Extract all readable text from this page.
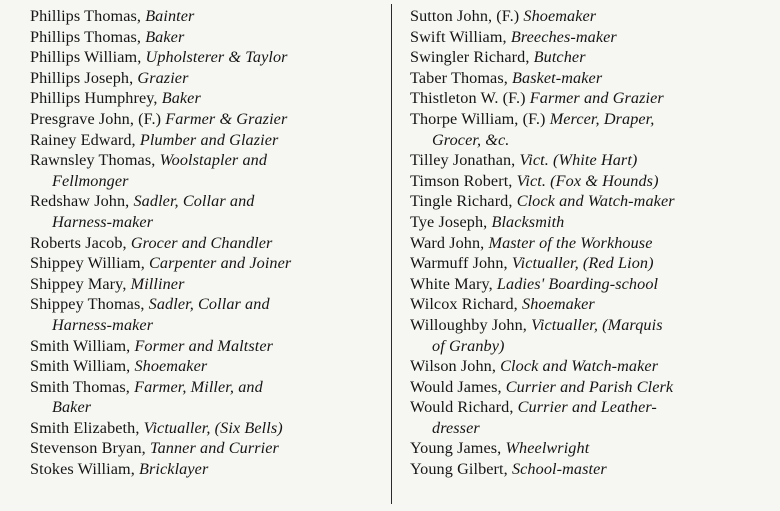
Phillips Thomas, Bainter
Phillips Thomas, Baker
Phillips William, Upholsterer & Taylor
Phillips Joseph, Grazier
Phillips Humphrey, Baker
Presgrave John, (F.) Farmer & Grazier
Rainey Edward, Plumber and Glazier
Rawnsley Thomas, Woolstapler and
Fellmonger
Redshaw John, Sadler, Collar and
Harness-maker
Roberts Jacob, Grocer and Chandler
Shippey William, Carpenter and Joiner
Shippey Mary, Milliner
Shippey Thomas, Sadler, Collar and
Harness-maker
Smith William, Former and Maltster
Smith William, Shoemaker
Smith Thomas, Farmer, Miller, and
Baker
Smith Elizabeth, Victualler, (Six Bells)
Stevenson Bryan, Tanner and Currier
Stokes William, Bricklayer
Sutton John, (F.) Shoemaker
Swift William, Breeches-maker
Swingler Richard, Butcher
Taber Thomas, Basket-maker
Thistleton W. (F.) Farmer and Grazier
Thorpe William, (F.) Mercer, Draper,
Grocer, &c.
Tilley Jonathan, Vict. (White Hart)
Timson Robert, Vict. (Fox & Hounds)
Tingle Richard, Clock and Watch-maker
Tye Joseph, Blacksmith
Ward John, Master of the Workhouse
Warmuff John, Victualler, (Red Lion)
White Mary, Ladies' Boarding-school
Wilcox Richard, Shoemaker
Willoughby John, Victualler, (Marquis
of Granby)
Wilson John, Clock and Watch-maker
Would James, Currier and Parish Clerk
Would Richard, Currier and Leather-
dresser
Young James, Wheelwright
Young Gilbert, School-master
